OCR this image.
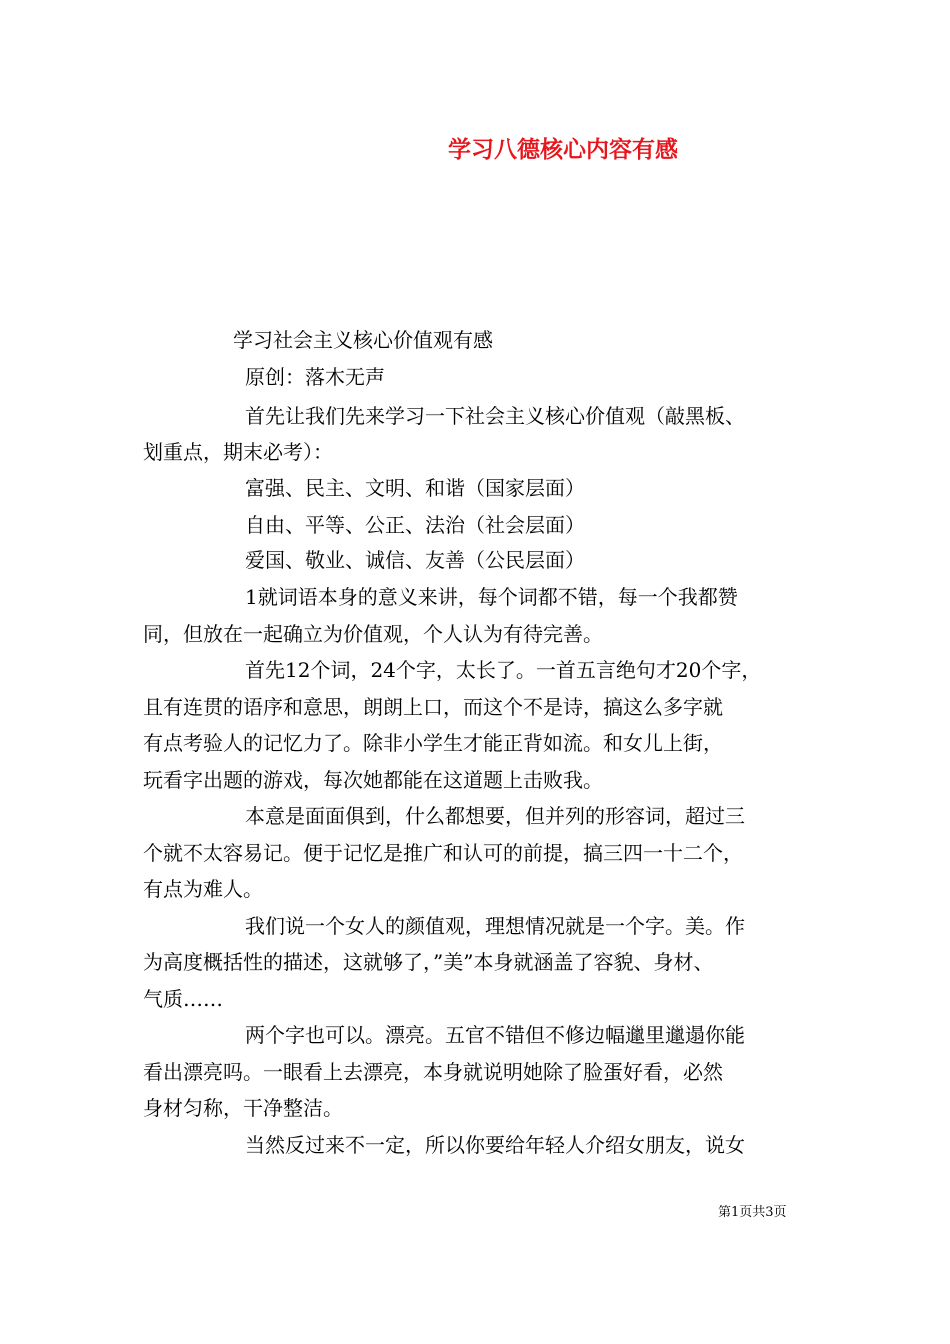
学习八德核心内容有感
学习社会主义核心价值观有感
原创：落木无声
首先让我们先来学习一下社会主义核心价值观（敲黑板、
划重点，期末必考）：
富强、民主、文明、和谐（国家层面）
自由、平等、公正、法治（社会层面）
爱国、敬业、诚信、友善（公民层面）
1就词语本身的意义来讲，每个词都不错，每一个我都赞
同，但放在一起确立为价值观，个人认为有待完善。
首先12个词，24个字，太长了。一首五言绝句才20个字，
且有连贯的语序和意思，朗朗上口，而这个不是诗，搞这么多字就
有点考验人的记忆力了。除非小学生才能正背如流。和女儿上街，
玩看字出题的游戏，每次她都能在这道题上击败我。
本意是面面俱到，什么都想要，但并列的形容词，超过三
个就不太容易记。便于记忆是推广和认可的前提，搞三四一十二个，
有点为难人。
我们说一个女人的颜值观，理想情况就是一个字。美。作
为高度概括性的描述，这就够了，”美”本身就涵盖了容貌、身材、
气质……
两个字也可以。漂亮。五官不错但不修边幅邋里邋遢你能
看出漂亮吗。一眼看上去漂亮，本身就说明她除了脸蛋好看，必然
身材匀称，干净整洁。
当然反过来不一定，所以你要给年轻人介绍女朋友，说女
第1页共3页
